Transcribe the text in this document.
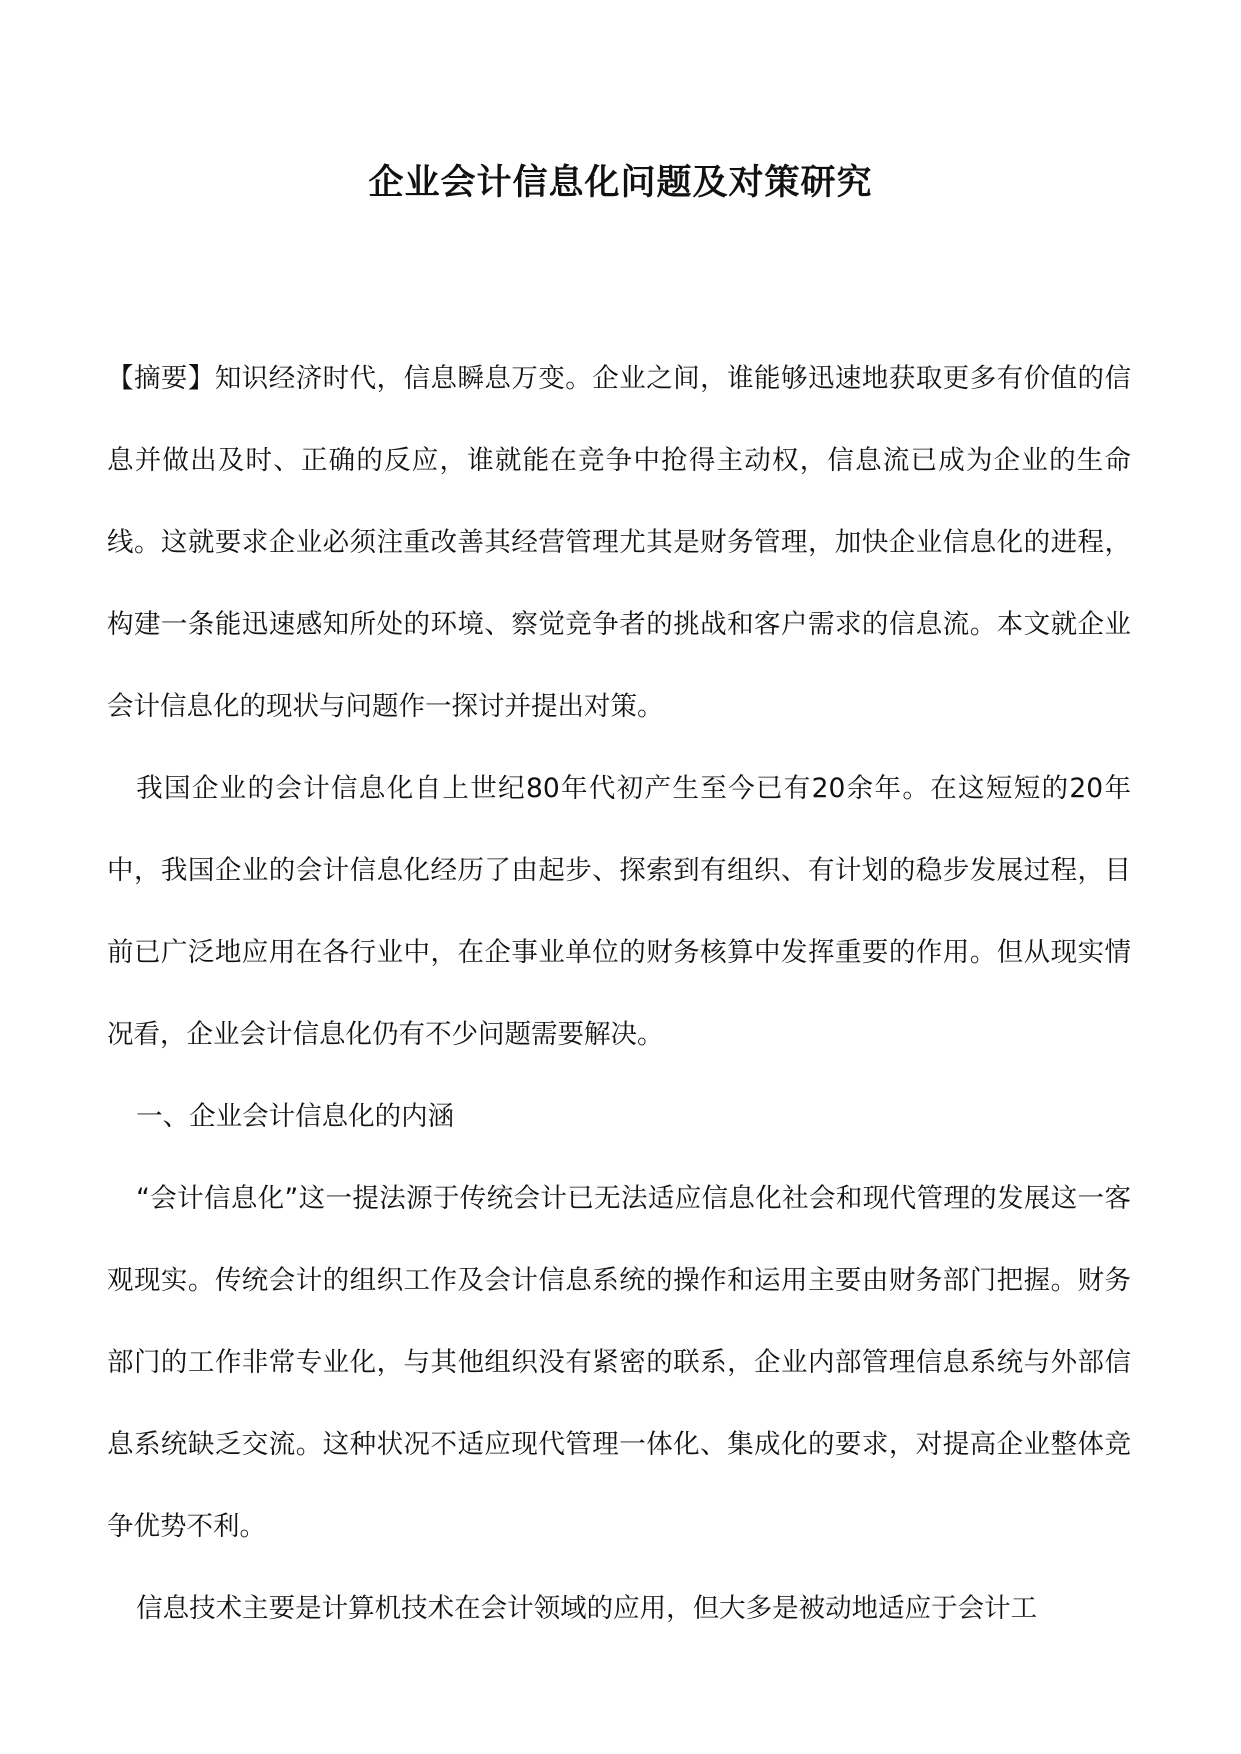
企业会计信息化问题及对策研究

【摘要】知识经济时代，信息瞬息万变。企业之间，谁能够迅速地获取更多有价值的信息并做出及时、正确的反应，谁就能在竞争中抢得主动权，信息流已成为企业的生命线。这就要求企业必须注重改善其经营管理尤其是财务管理，加快企业信息化的进程，构建一条能迅速感知所处的环境、察觉竞争者的挑战和客户需求的信息流。本文就企业会计信息化的现状与问题作一探讨并提出对策。

我国企业的会计信息化自上世纪80年代初产生至今已有20余年。在这短短的20年中，我国企业的会计信息化经历了由起步、探索到有组织、有计划的稳步发展过程，目前已广泛地应用在各行业中，在企事业单位的财务核算中发挥重要的作用。但从现实情况看，企业会计信息化仍有不少问题需要解决。

一、企业会计信息化的内涵

“会计信息化”这一提法源于传统会计已无法适应信息化社会和现代管理的发展这一客观现实。传统会计的组织工作及会计信息系统的操作和运用主要由财务部门把握。财务部门的工作非常专业化，与其他组织没有紧密的联系，企业内部管理信息系统与外部信息系统缺乏交流。这种状况不适应现代管理一体化、集成化的要求，对提高企业整体竞争优势不利。

信息技术主要是计算机技术在会计领域的应用，但大多是被动地适应于会计工
